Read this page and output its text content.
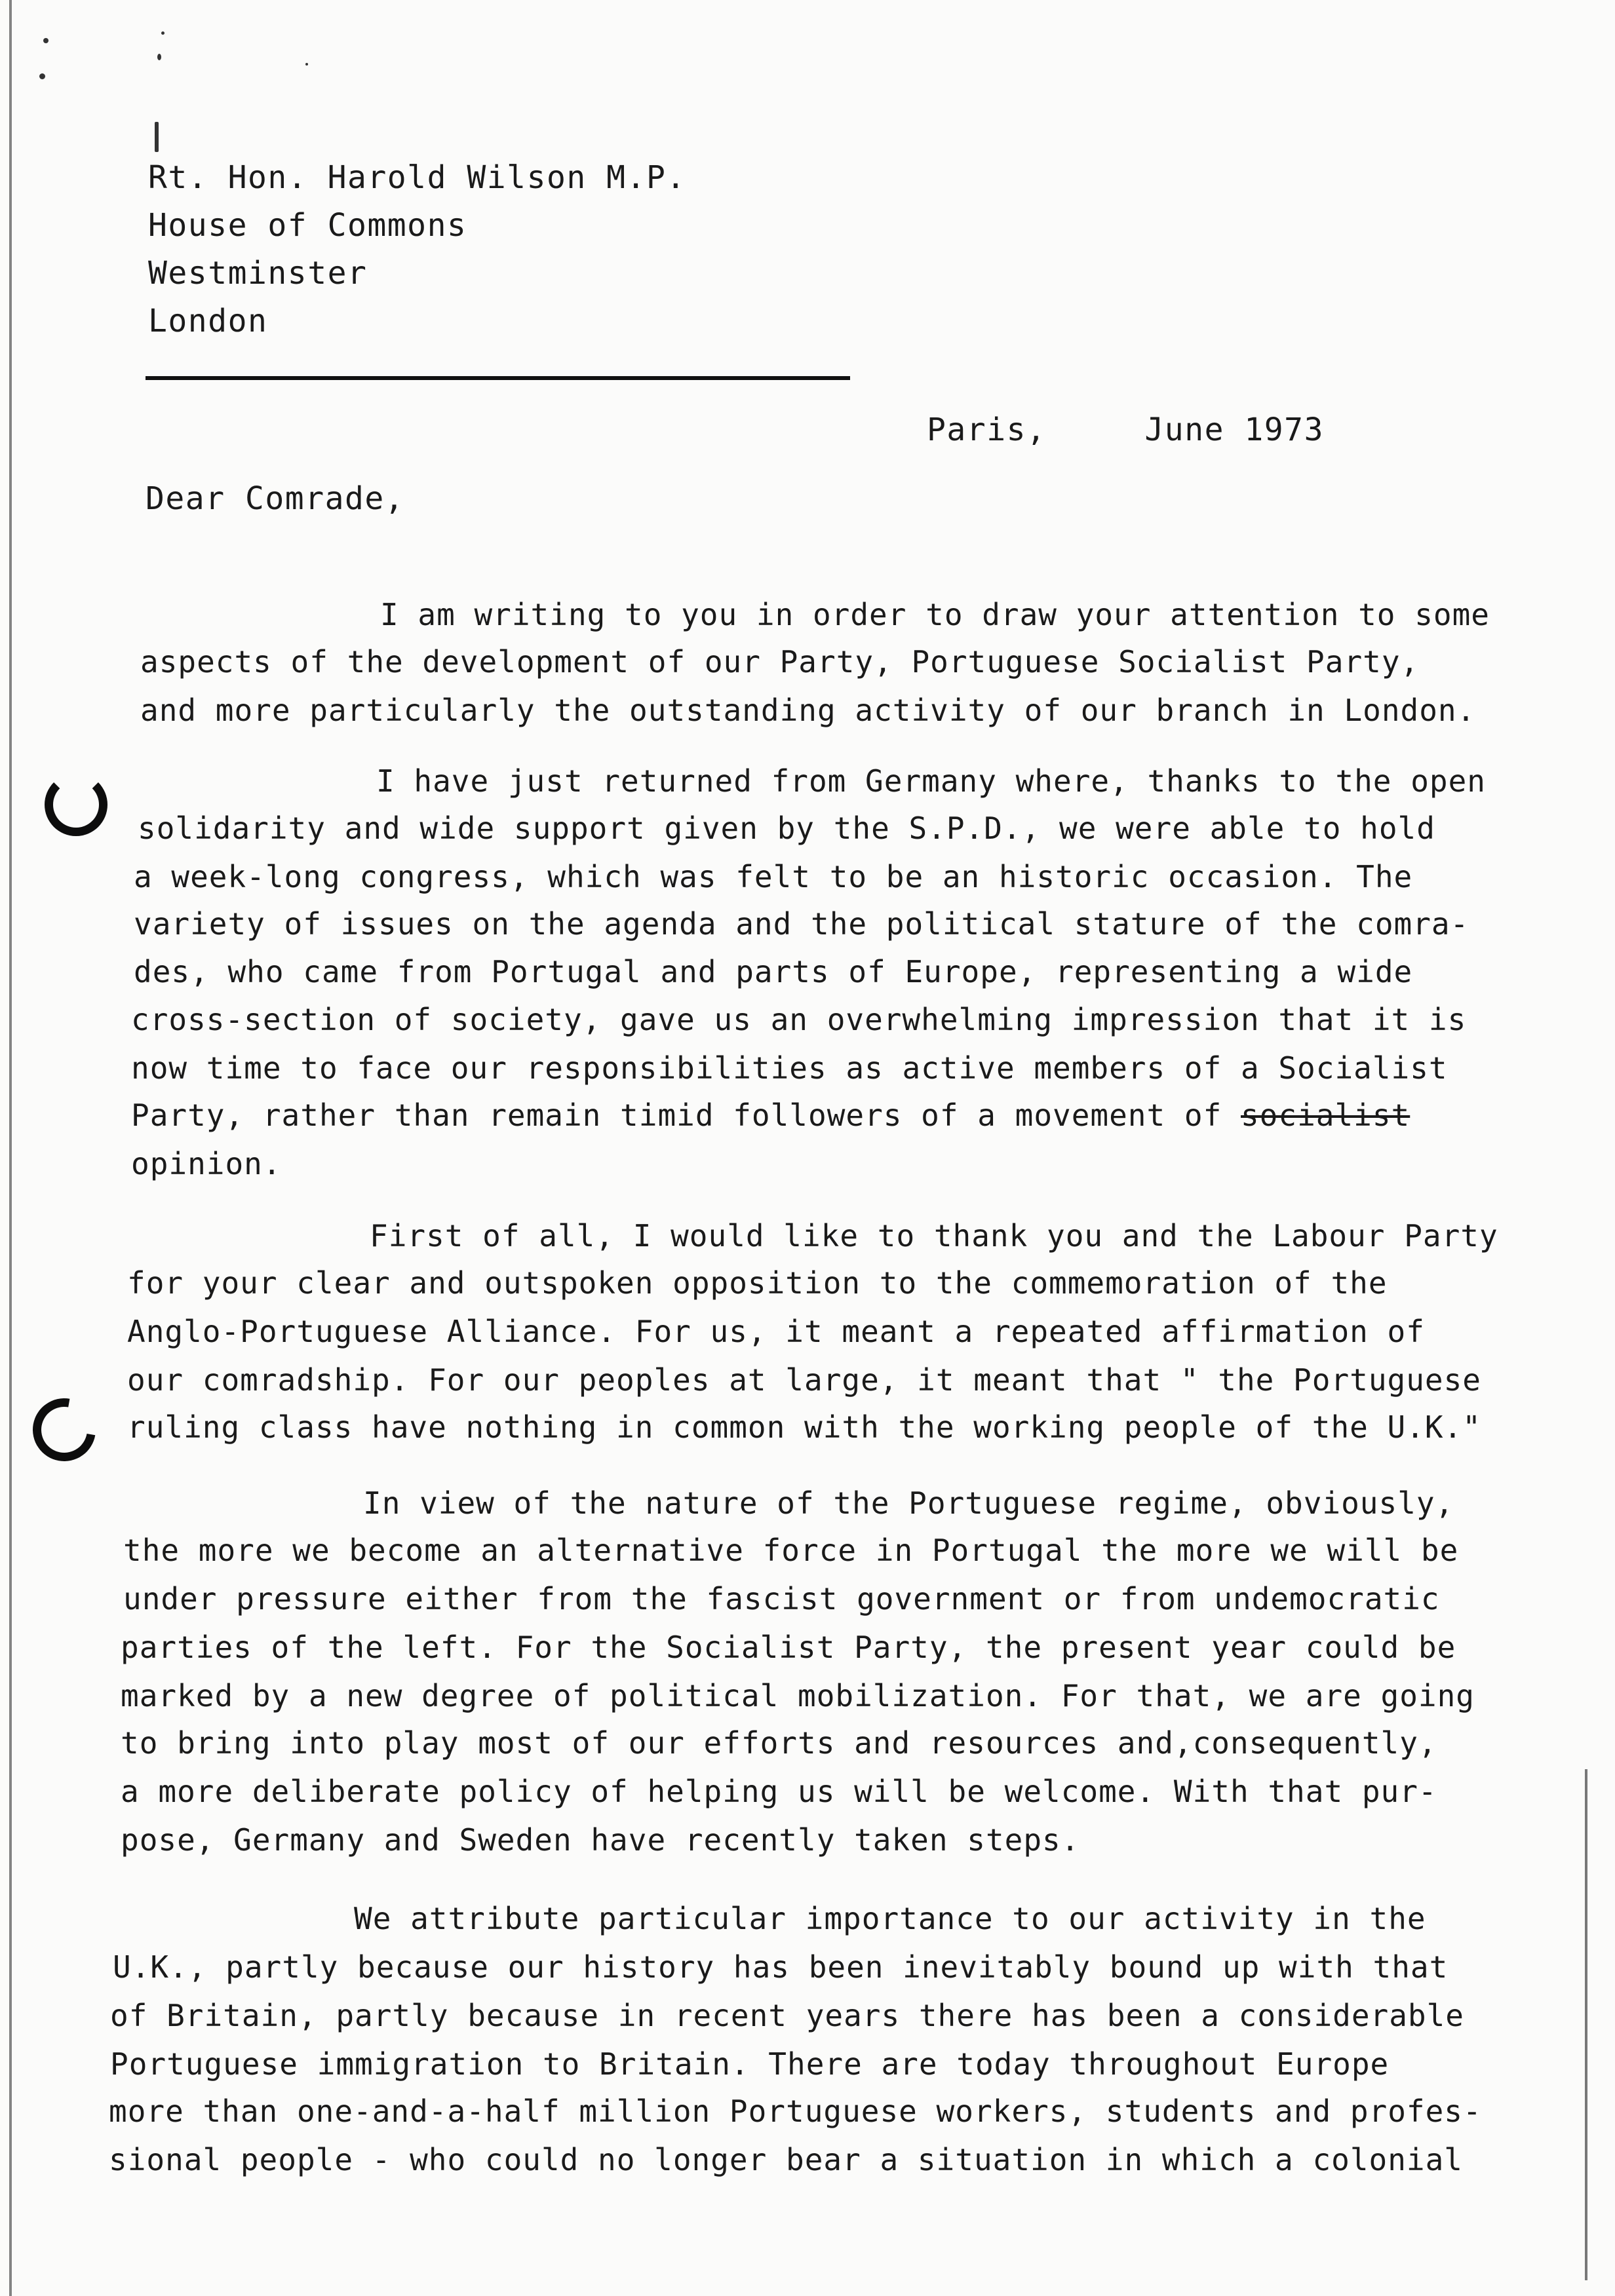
Rt. Hon. Harold Wilson M.P.
House of Commons
Westminster
London
Paris,	June 1973
Dear Comrade,
I am writing to you in order to draw your attention to some
aspects of the development of our Party, Portuguese Socialist Party,
and more particularly the outstanding activity of our branch in London.
I have just returned from Germany where, thanks to the open
solidarity and wide support given by the S.P.D., we were able to hold
a week-long congress, which was felt to be an historic occasion. The
variety of issues on the agenda and the political stature of the comra-
des, who came from Portugal and parts of Europe, representing a wide
cross-section of society, gave us an overwhelming impression that it is
now time to face our responsibilities as active members of a Socialist
Party, rather than remain timid followers of a movement of socialist
opinion.
First of all, I would like to thank you and the Labour Party
for your clear and outspoken opposition to the commemoration of the
Anglo-Portuguese Alliance. For us, it meant a repeated affirmation of
our comradship. For our peoples at large, it meant that " the Portuguese
ruling class have nothing in common with the working people of the U.K."
In view of the nature of the Portuguese regime, obviously,
the more we become an alternative force in Portugal the more we will be
under pressure either from the fascist government or from undemocratic
parties of the left. For the Socialist Party, the present year could be
marked by a new degree of political mobilization. For that, we are going
to bring into play most of our efforts and resources and,consequently,
a more deliberate policy of helping us will be welcome. With that pur-
pose, Germany and Sweden have recently taken steps.
We attribute particular importance to our activity in the
U.K., partly because our history has been inevitably bound up with that
of Britain, partly because in recent years there has been a considerable
Portuguese immigration to Britain. There are today throughout Europe
more than one-and-a-half million Portuguese workers, students and profes-
sional people - who could no longer bear a situation in which a colonial
